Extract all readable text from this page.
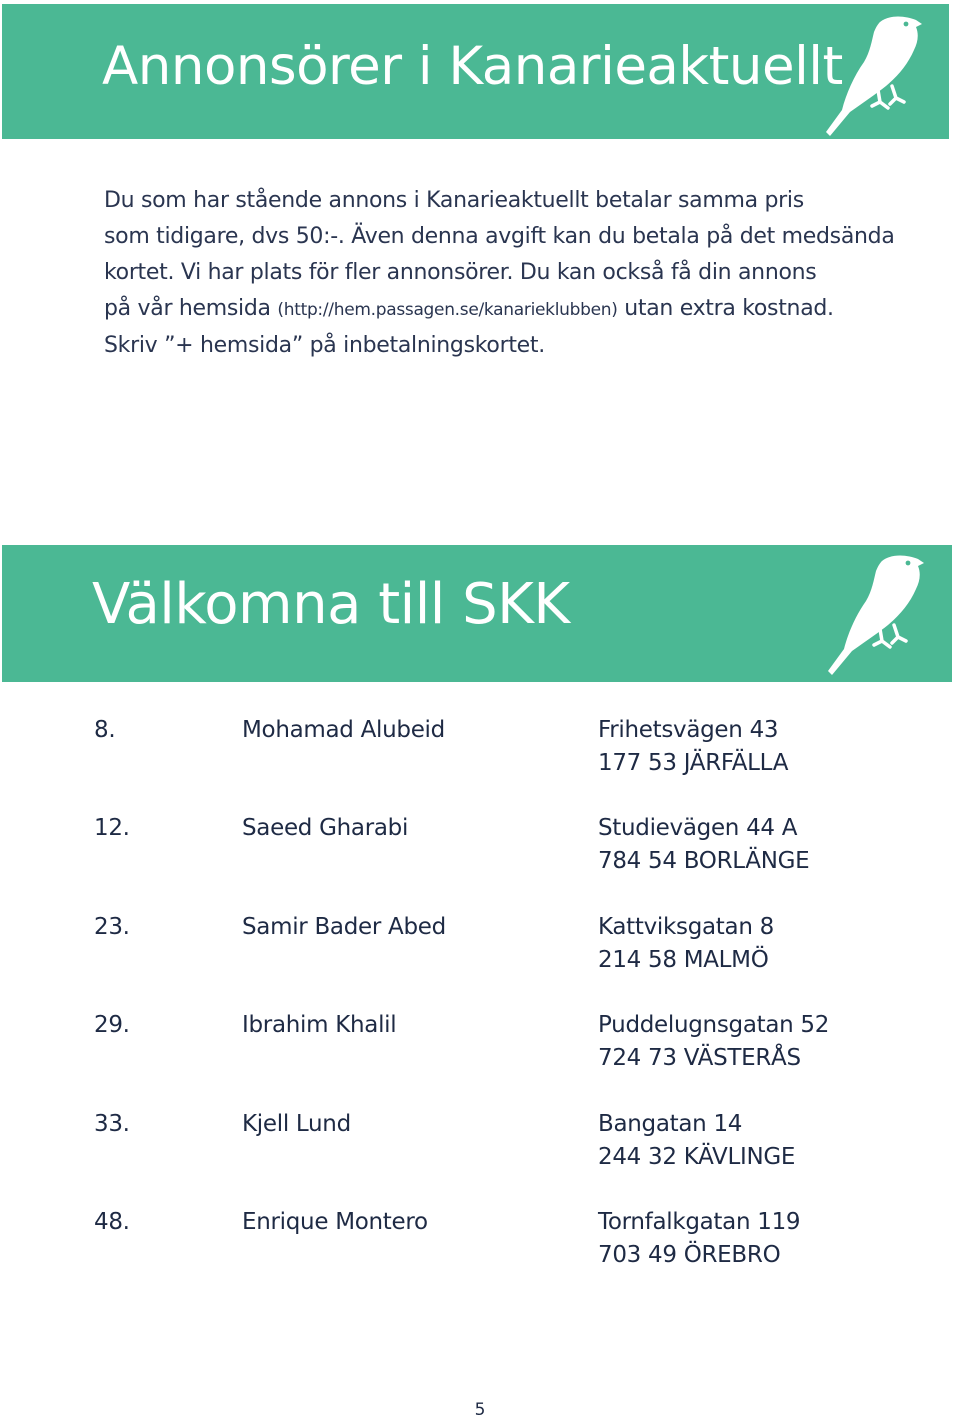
Annonsörer i Kanarieaktuellt
Du som har stående annons i Kanarieaktuellt betalar samma pris
som tidigare, dvs 50:-. Även denna avgift kan du betala på det medsända
kortet. Vi har plats för fler annonsörer. Du kan också få din annons
på vår hemsida (http://hem.passagen.se/kanarieklubben) utan extra kostnad.
Skriv ”+ hemsida” på inbetalningskortet.
Välkomna till SKK
8.	Mohamad Alubeid	Frihetsvägen 43
177 53 JÄRFÄLLA
12.	Saeed Gharabi	Studievägen 44 A
784 54 BORLÄNGE
23.	Samir Bader Abed	Kattviksgatan 8
214 58 MALMÖ
29.	Ibrahim Khalil	Puddelugnsgatan 52
724 73 VÄSTERÅS
33.	Kjell Lund	Bangatan 14
244 32 KÄVLINGE
48.	Enrique Montero	Tornfalkgatan 119
703 49 ÖREBRO
5
